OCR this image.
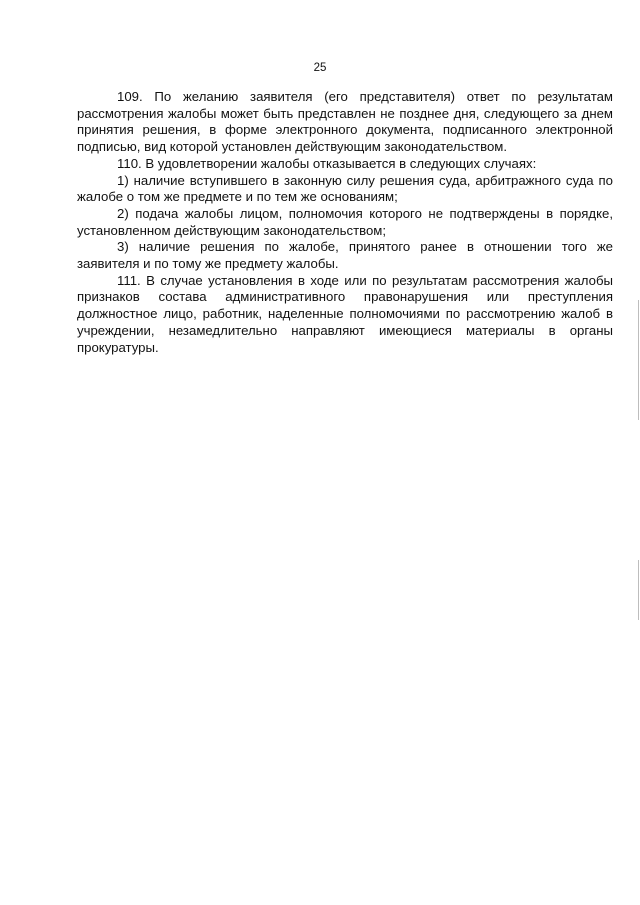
25

109. По желанию заявителя (его представителя) ответ по результатам рассмотрения жалобы может быть представлен не позднее дня, следующего за днем принятия решения, в форме электронного документа, подписанного электронной подписью, вид которой установлен действующим законодательством.

110. В удовлетворении жалобы отказывается в следующих случаях:

1) наличие вступившего в законную силу решения суда, арбитражного суда по жалобе о том же предмете и по тем же основаниям;

2) подача жалобы лицом, полномочия которого не подтверждены в порядке, установленном действующим законодательством;

3) наличие решения по жалобе, принятого ранее в отношении того же заявителя и по тому же предмету жалобы.

111. В случае установления в ходе или по результатам рассмотрения жалобы признаков состава административного правонарушения или преступления должностное лицо, работник, наделенные полномочиями по рассмотрению жалоб в учреждении, незамедлительно направляют имеющиеся материалы в органы прокуратуры.
